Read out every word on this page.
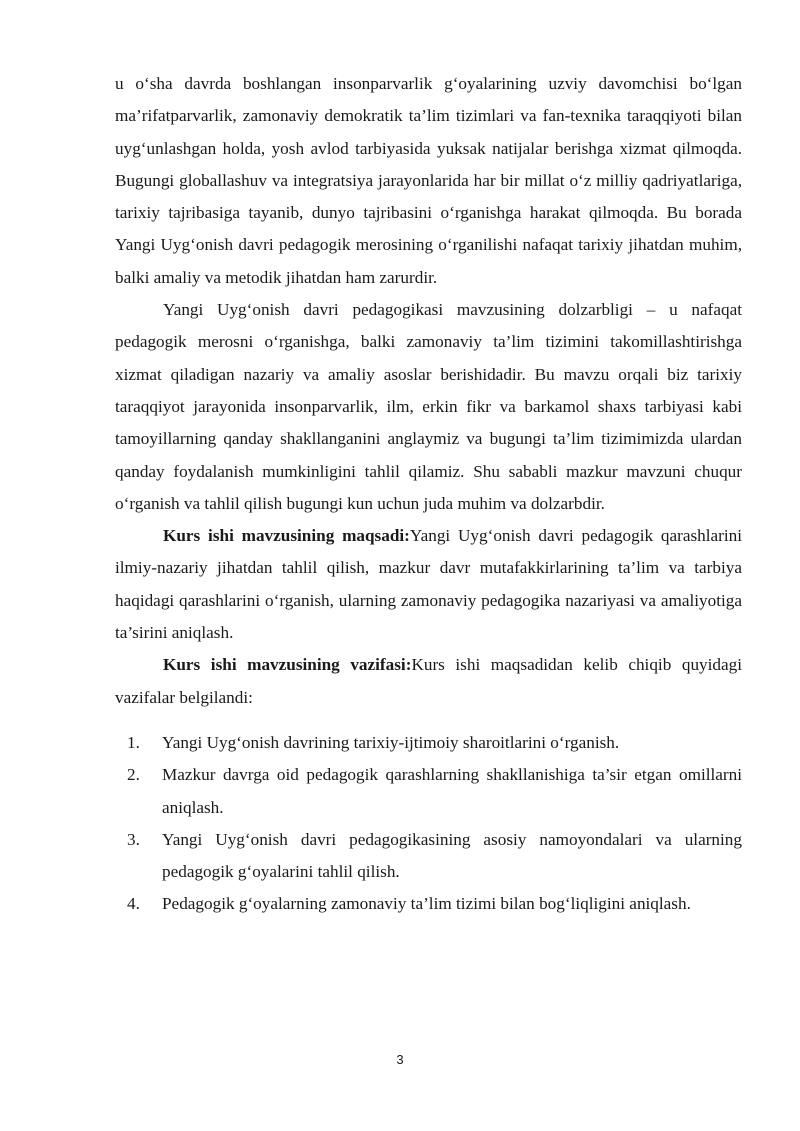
u o‘sha davrda boshlangan insonparvarlik g‘oyalarining uzviy davomchisi bo‘lgan ma’rifatparvarlik, zamonaviy demokratik ta’lim tizimlari va fan-texnika taraqqiyoti bilan uyg‘unlashgan holda, yosh avlod tarbiyasida yuksak natijalar berishga xizmat qilmoqda. Bugungi globallashuv va integratsiya jarayonlarida har bir millat o‘z milliy qadriyatlariga, tarixiy tajribasiga tayanib, dunyo tajribasini o‘rganishga harakat qilmoqda. Bu borada Yangi Uyg‘onish davri pedagogik merosining o‘rganilishi nafaqat tarixiy jihatdan muhim, balki amaliy va metodik jihatdan ham zarurdir.

Yangi Uyg‘onish davri pedagogikasi mavzusining dolzarbligi – u nafaqat pedagogik merosni o‘rganishga, balki zamonaviy ta’lim tizimini takomillashtirishga xizmat qiladigan nazariy va amaliy asoslar berishidadir. Bu mavzu orqali biz tarixiy taraqqiyot jarayonida insonparvarlik, ilm, erkin fikr va barkamol shaxs tarbiyasi kabi tamoyillarning qanday shakllanganini anglaymiz va bugungi ta’lim tizimimizda ulardan qanday foydalanish mumkinligini tahlil qilamiz. Shu sababli mazkur mavzuni chuqur o‘rganish va tahlil qilish bugungi kun uchun juda muhim va dolzarbdir.

Kurs ishi mavzusining maqsadi:Yangi Uyg‘onish davri pedagogik qarashlarini ilmiy-nazariy jihatdan tahlil qilish, mazkur davr mutafakkirlarining ta’lim va tarbiya haqidagi qarashlarini o‘rganish, ularning zamonaviy pedagogika nazariyasi va amaliyotiga ta’sirini aniqlash.

Kurs ishi mavzusining vazifasi:Kurs ishi maqsadidan kelib chiqib quyidagi vazifalar belgilandi:

1. Yangi Uyg‘onish davrining tarixiy-ijtimoiy sharoitlarini o‘rganish.
2. Mazkur davrga oid pedagogik qarashlarning shakllanishiga ta’sir etgan omillarni aniqlash.
3. Yangi Uyg‘onish davri pedagogikasining asosiy namoyondalari va ularning pedagogik g‘oyalarini tahlil qilish.
4. Pedagogik g‘oyalarning zamonaviy ta’lim tizimi bilan bog‘liqligini aniqlash.
3
